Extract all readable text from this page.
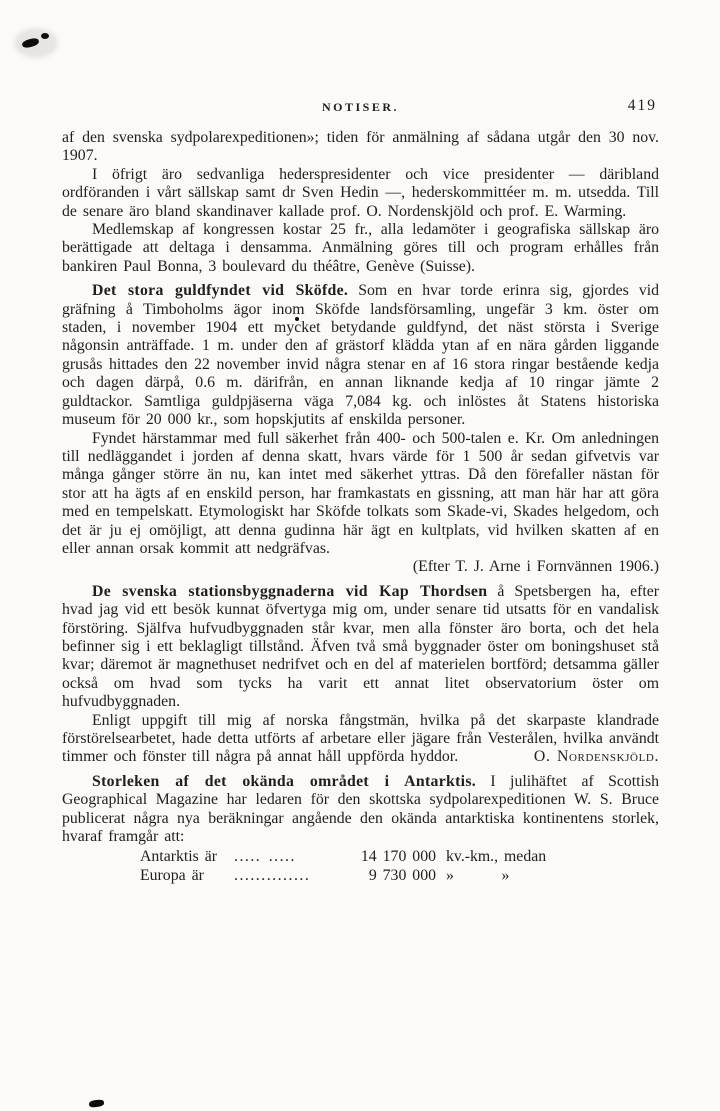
NOTISER.	419

af den svenska sydpolarexpeditionen»; tiden för anmälning af sådana utgår den 30 nov. 1907.

I öfrigt äro sedvanliga hederspresidenter och vice presidenter — däribland ordföranden i vårt sällskap samt dr Sven Hedin —, hederskommittéer m. m. utsedda. Till de senare äro bland skandinaver kallade prof. O. Nordenskjöld och prof. E. Warming.

Medlemskap af kongressen kostar 25 fr., alla ledamöter i geografiska sällskap äro berättigade att deltaga i densamma. Anmälning göres till och program erhålles från bankiren Paul Bonna, 3 boulevard du théâtre, Genève (Suisse).

Det stora guldfyndet vid Sköfde. Som en hvar torde erinra sig, gjordes vid gräfning å Timboholms ägor inom Sköfde landsförsamling, ungefär 3 km. öster om staden, i november 1904 ett mycket betydande guldfynd, det näst största i Sverige någonsin anträffade. 1 m. under den af grästorf klädda ytan af en nära gården liggande grusås hittades den 22 november invid några stenar en af 16 stora ringar bestående kedja och dagen därpå, 0.6 m. därifrån, en annan liknande kedja af 10 ringar jämte 2 guldtackor. Samtliga guldpjäserna väga 7,084 kg. och inlöstes åt Statens historiska museum för 20 000 kr., som hopskjutits af enskilda personer.

Fyndet härstammar med full säkerhet från 400- och 500-talen e. Kr. Om anledningen till nedläggandet i jorden af denna skatt, hvars värde för 1 500 år sedan gifvetvis var många gånger större än nu, kan intet med säkerhet yttras. Då den förefaller nästan för stor att ha ägts af en enskild person, har framkastats en gissning, att man här har att göra med en tempelskatt. Etymologiskt har Sköfde tolkats som Skade-vi, Skades helgedom, och det är ju ej omöjligt, att denna gudinna här ägt en kultplats, vid hvilken skatten af en eller annan orsak kommit att nedgräfvas.

(Efter T. J. Arne i Fornvännen 1906.)

De svenska stationsbyggnaderna vid Kap Thordsen å Spetsbergen ha, efter hvad jag vid ett besök kunnat öfvertyga mig om, under senare tid utsatts för en vandalisk förstöring. Själfva hufvudbyggnaden står kvar, men alla fönster äro borta, och det hela befinner sig i ett beklagligt tillstånd. Äfven två små byggnader öster om boningshuset stå kvar; däremot är magnethuset nedrifvet och en del af materielen bortförd; detsamma gäller också om hvad som tycks ha varit ett annat litet observatorium öster om hufvudbyggnaden.

Enligt uppgift till mig af norska fångstmän, hvilka på det skarpaste klandrade förstörelsearbetet, hade detta utförts af arbetare eller jägare från Vesterålen, hvilka användt timmer och fönster till några på annat håll uppförda hyddor.	O. Nordenskjöld.

Storleken af det okända området i Antarktis. I julihäftet af Scottish Geographical Magazine har ledaren för den skottska sydpolarexpeditionen W. S. Bruce publicerat några nya beräkningar angående den okända antarktiska kontinentens storlek, hvaraf framgår att:

Antarktis är	..... .....	14 170 000 kv.-km., medan
Europa är	..............	9 730 000 »        »
